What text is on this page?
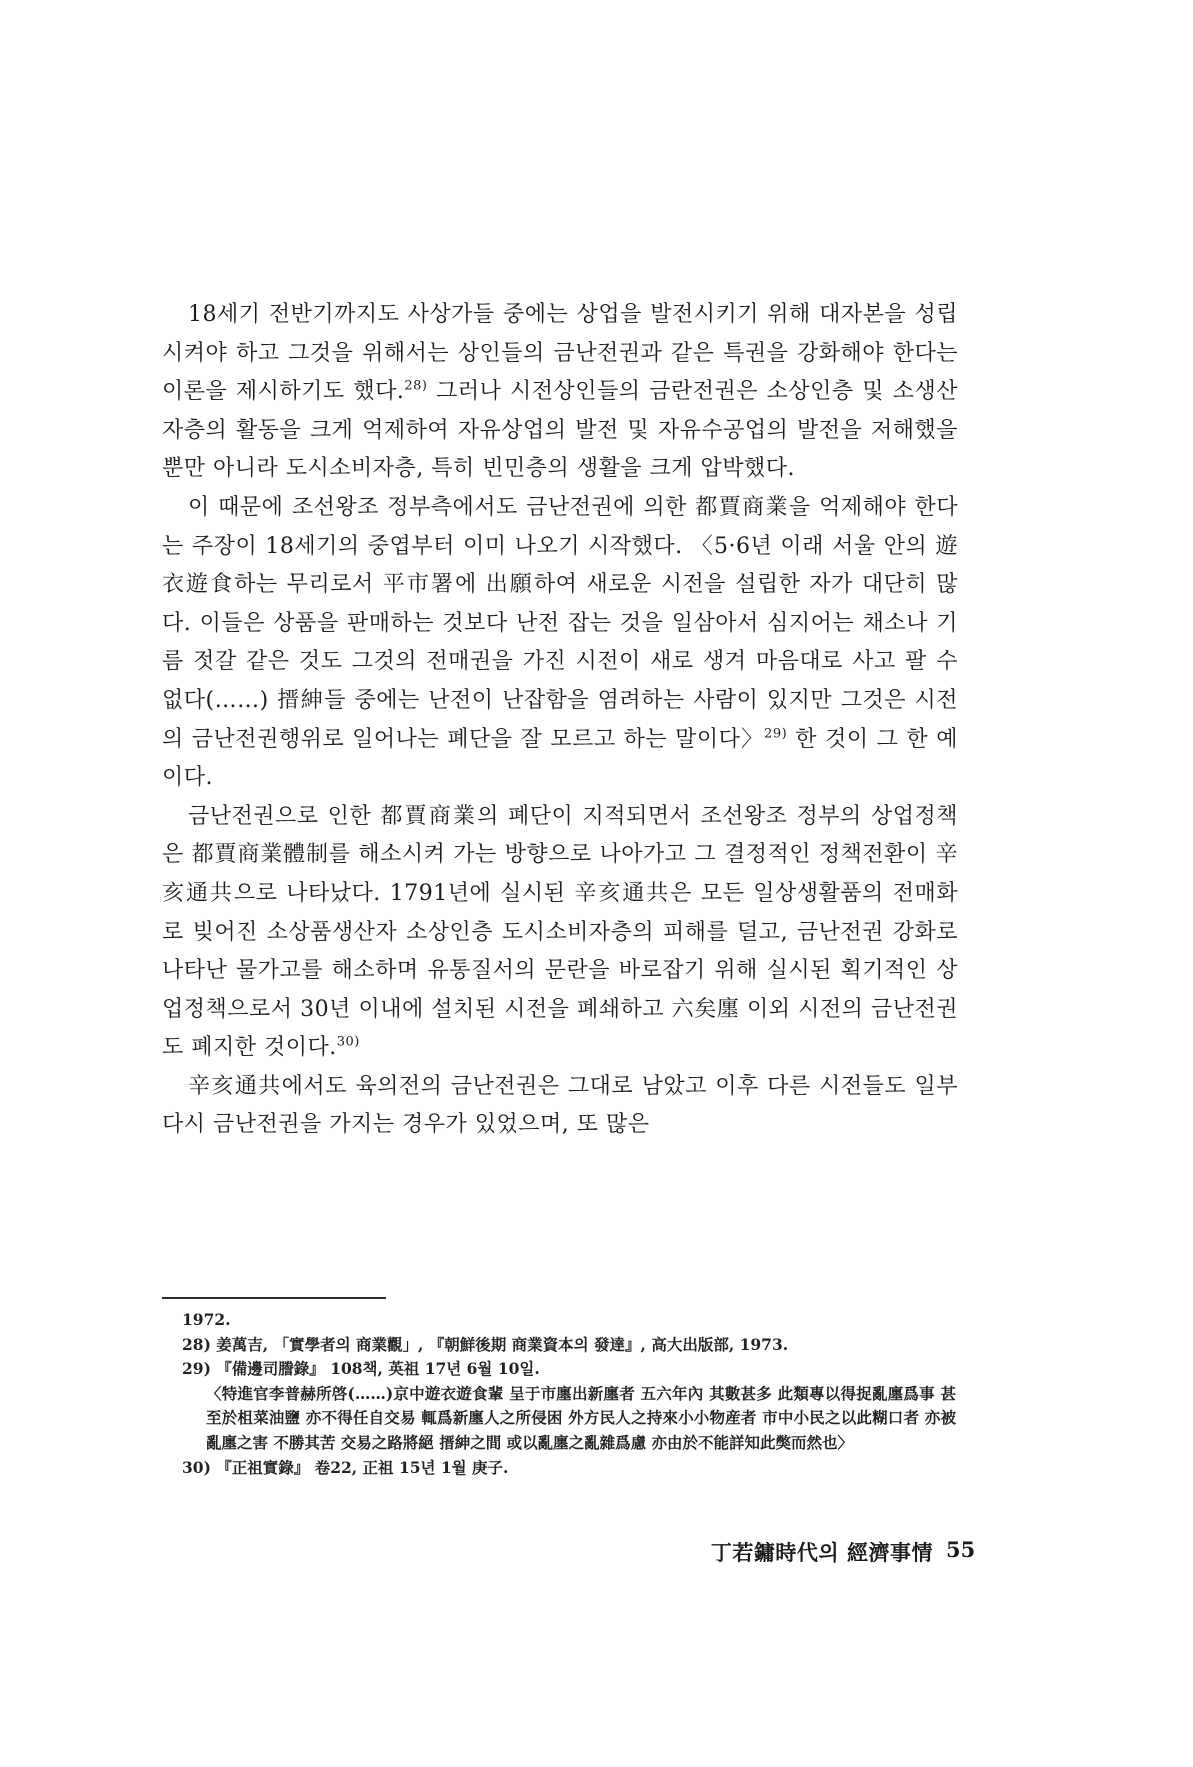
18세기 전반기까지도 사상가들 중에는 상업을 발전시키기 위해 대자본을 성립시켜야 하고 그것을 위해서는 상인들의 금난전권과 같은 특권을 강화해야 한다는 이론을 제시하기도 했다.$^{28)}$ 그러나 시전상인들의 금란전권은 소상인층 및 소생산자층의 활동을 크게 억제하여 자유상업의 발전 및 자유수공업의 발전을 저해했을 뿐만 아니라 도시소비자층, 특히 빈민층의 생활을 크게 압박했다.

이 때문에 조선왕조 정부측에서도 금난전권에 의한 都賈商業을 억제해야 한다는 주장이 18세기의 중엽부터 이미 나오기 시작했다. 〈5·6년 이래 서울 안의 遊衣遊食하는 무리로서 平市署에 出願하여 새로운 시전을 설립한 자가 대단히 많다. 이들은 상품을 판매하는 것보다 난전 잡는 것을 일삼아서 심지어는 채소나 기름 젓갈 같은 것도 그것의 전매권을 가진 시전이 새로 생겨 마음대로 사고 팔 수 없다(……) 搢紳들 중에는 난전이 난잡함을 염려하는 사람이 있지만 그것은 시전의 금난전권행위로 일어나는 폐단을 잘 모르고 하는 말이다〉$^{29)}$ 한 것이 그 한 예이다.

금난전권으로 인한 都賈商業의 폐단이 지적되면서 조선왕조 정부의 상업정책은 都賈商業體制를 해소시켜 가는 방향으로 나아가고 그 결정적인 정책전환이 辛亥通共으로 나타났다. 1791년에 실시된 辛亥通共은 모든 일상생활품의 전매화로 빚어진 소상품생산자 소상인층 도시소비자층의 피해를 덜고, 금난전권 강화로 나타난 물가고를 해소하며 유통질서의 문란을 바로잡기 위해 실시된 획기적인 상업정책으로서 30년 이내에 설치된 시전을 폐쇄하고 六矣廛 이외 시전의 금난전권도 폐지한 것이다.$^{30)}$

辛亥通共에서도 육의전의 금난전권은 그대로 남았고 이후 다른 시전들도 일부 다시 금난전권을 가지는 경우가 있었으며, 또 많은

1972.
28) 姜萬吉, 「實學者의 商業觀」, 『朝鮮後期 商業資本의 發達』, 高大出版部, 1973.
29) 『備邊司謄錄』 108책, 英祖 17년 6월 10일.
〈特進官李普赫所啓(……)京中遊衣遊食輩 呈于市廛出新廛者 五六年內 其數甚多 此類專以得捉亂廛爲事 甚至於柤菜油鹽 亦不得任自交易 輒爲新廛人之所侵困 外方民人之持來小小物産者 市中小民之以此糊口者 亦被亂廛之害 不勝其苦 交易之路將絕 搢紳之間 或以亂廛之亂雜爲慮 亦由於不能詳知此獘而然也〉
30) 『正祖實錄』 卷22, 正祖 15년 1월 庚子.
丁若鏞時代의 經濟事情 55
